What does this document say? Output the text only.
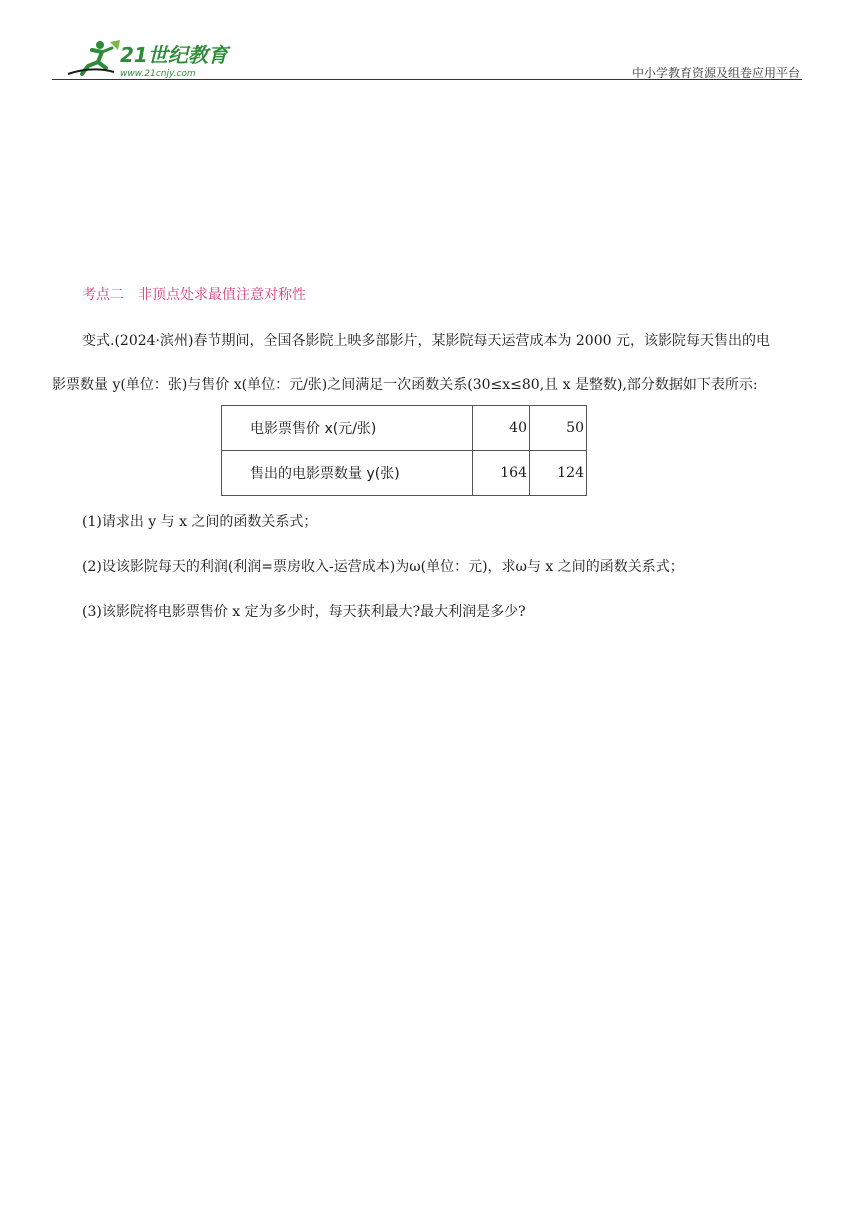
21世纪教育
www.21cnjy.com	中小学教育资源及组卷应用平台
考点二 非顶点处求最值注意对称性
变式.(2024·滨州)春节期间，全国各影院上映多部影片，某影院每天运营成本为 2000 元，该影院每天售出的电
影票数量 y(单位：张)与售价 x(单位：元/张)之间满足一次函数关系(30≤x≤80,且 x 是整数),部分数据如下表所示:
电影票售价 x(元/张)	40	50
售出的电影票数量 y(张)	164	124
(1)请求出 y 与 x 之间的函数关系式；
(2)设该影院每天的利润(利润=票房收入-运营成本)为ω(单位：元)，求ω与 x 之间的函数关系式；
(3)该影院将电影票售价 x 定为多少时，每天获利最大?最大利润是多少?
